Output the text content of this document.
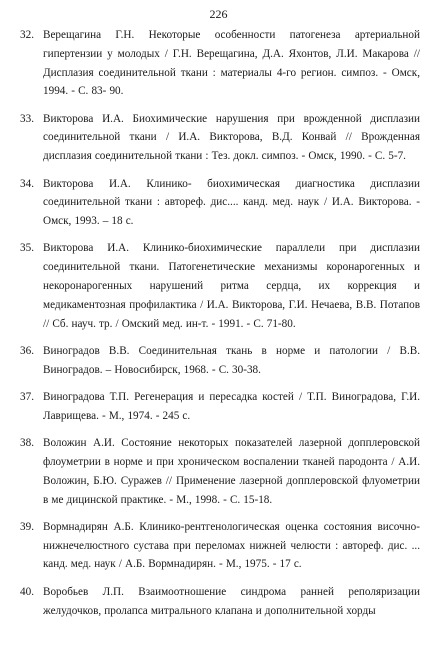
226
32. Верещагина Г.Н. Некоторые особенности патогенеза артериальной гипертензии у молодых / Г.Н. Верещагина, Д.А. Яхонтов, Л.И. Макарова // Дисплазия соединительной ткани : материалы 4-го регион. симпоз. - Омск, 1994. - С. 83- 90.
33. Викторова И.А. Биохимические нарушения при врожденной дисплазии соединительной ткани / И.А. Викторова, В.Д. Конвай // Врожденная дисплазия соединительной ткани : Тез. докл. симпоз. - Омск, 1990. - С. 5-7.
34. Викторова И.А. Клинико- биохимическая диагностика дисплазии соединительной ткани : автореф. дис.... канд. мед. наук / И.А. Викторова. - Омск, 1993. – 18 с.
35. Викторова И.А. Клинико-биохимические параллели при дисплазии соединительной ткани. Патогенетические механизмы коронарогенных и некоронарогенных нарушений ритма сердца, их коррекция и медикаментозная профилактика / И.А. Викторова, Г.И. Нечаева, В.В. Потапов // Сб. науч. тр. / Омский мед. ин-т. - 1991. - С. 71-80.
36. Виноградов В.В. Соединительная ткань в норме и патологии / В.В. Виноградов. – Новосибирск, 1968. - С. 30-38.
37. Виноградова Т.П. Регенерация и пересадка костей / Т.П. Виноградова, Г.И. Лаврищева. - М., 1974. - 245 с.
38. Воложин А.И. Состояние некоторых показателей лазерной допплеровской флоуметрии в норме и при хроническом воспалении тканей пародонта / А.И. Воложин, Б.Ю. Суражев // Применение лазерной допплеровской флуометрии в ме дицинской практике. - М., 1998. - С. 15-18.
39. Вормнадирян А.Б. Клинико-рентгенологическая оценка состояния височно-нижнечелюстного сустава при переломах нижней челюсти : автореф. дис. ... канд. мед. наук / А.Б. Вормнадирян. - М., 1975. - 17 с.
40. Воробьев Л.П. Взаимоотношение синдрома ранней реполяризации желудочков, пролапса митрального клапана и дополнительной хорды
